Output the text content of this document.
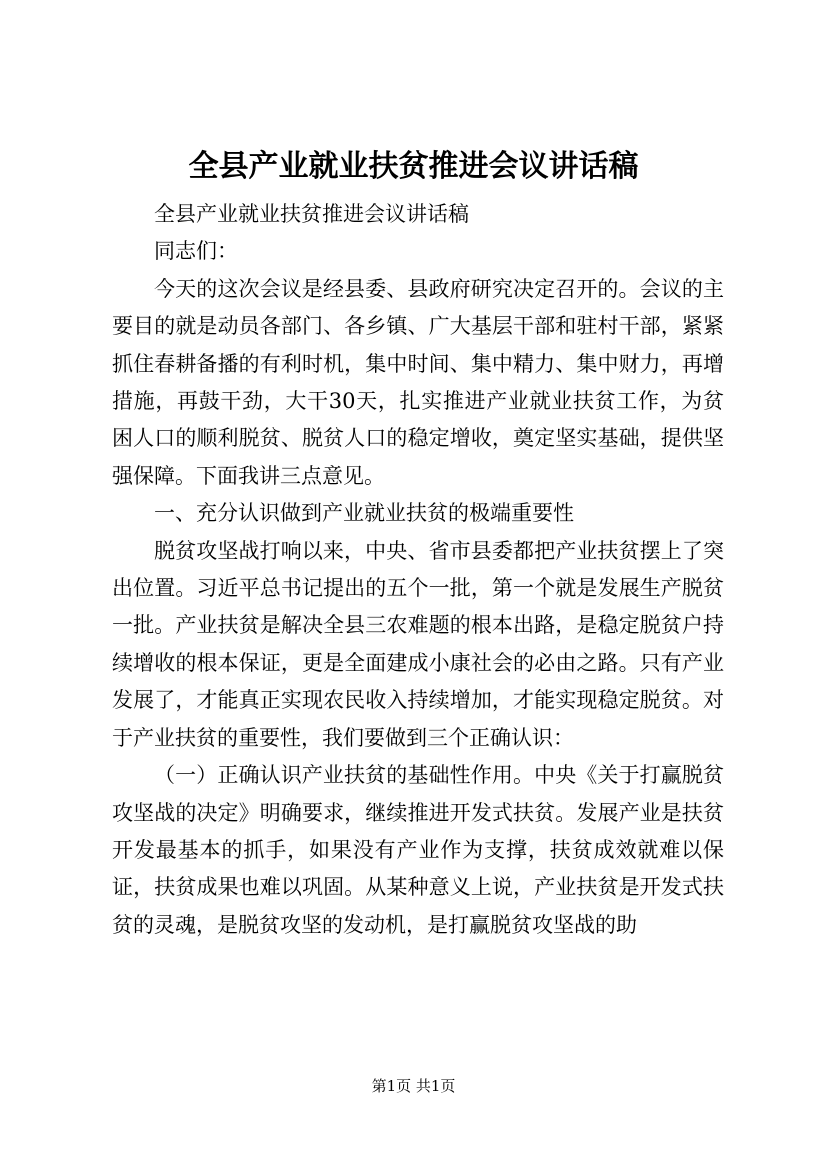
全县产业就业扶贫推进会议讲话稿

全县产业就业扶贫推进会议讲话稿

同志们：

今天的这次会议是经县委、县政府研究决定召开的。会议的主要目的就是动员各部门、各乡镇、广大基层干部和驻村干部，紧紧抓住春耕备播的有利时机，集中时间、集中精力、集中财力，再增措施，再鼓干劲，大干30天，扎实推进产业就业扶贫工作，为贫困人口的顺利脱贫、脱贫人口的稳定增收，奠定坚实基础，提供坚强保障。下面我讲三点意见。

一、充分认识做到产业就业扶贫的极端重要性

脱贫攻坚战打响以来，中央、省市县委都把产业扶贫摆上了突出位置。习近平总书记提出的五个一批，第一个就是发展生产脱贫一批。产业扶贫是解决全县三农难题的根本出路，是稳定脱贫户持续增收的根本保证，更是全面建成小康社会的必由之路。只有产业发展了，才能真正实现农民收入持续增加，才能实现稳定脱贫。对于产业扶贫的重要性，我们要做到三个正确认识：

（一）正确认识产业扶贫的基础性作用。中央《关于打赢脱贫攻坚战的决定》明确要求，继续推进开发式扶贫。发展产业是扶贫开发最基本的抓手，如果没有产业作为支撑，扶贫成效就难以保证，扶贫成果也难以巩固。从某种意义上说，产业扶贫是开发式扶贫的灵魂，是脱贫攻坚的发动机，是打赢脱贫攻坚战的助

第1页 共1页
